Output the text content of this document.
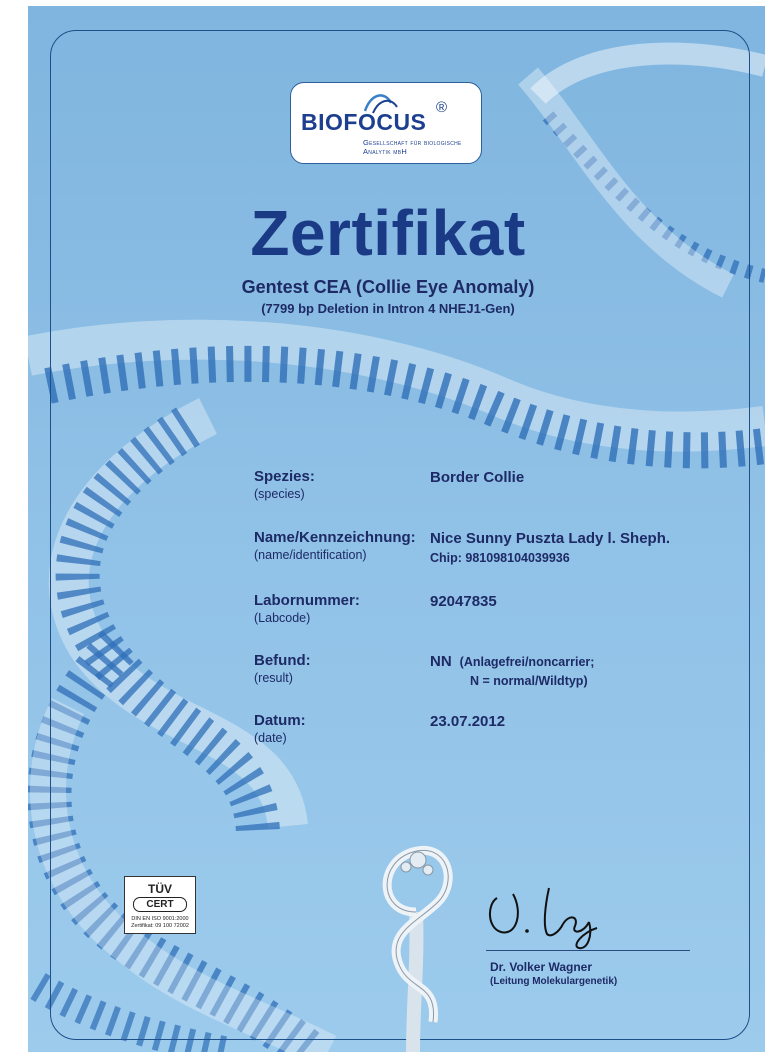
BIOFOCUS
®
Gesellschaft für biologische
Analytik mbH
Zertifikat
Gentest CEA (Collie Eye Anomaly)
(7799 bp Deletion in Intron 4 NHEJ1-Gen)
Spezies:
(species)
Border Collie
Name/Kennzeichnung:
(name/identification)
Nice Sunny Puszta Lady l. Sheph.
Chip: 981098104039936
Labornummer:
(Labcode)
92047835
Befund:
(result)
NN (Anlagefrei/noncarrier;
N = normal/Wildtyp)
Datum:
(date)
23.07.2012
TÜV
CERT
DIN EN ISO 9001:2000
Zertifikat: 09 100 72002
Dr. Volker Wagner
(Leitung Molekulargenetik)
